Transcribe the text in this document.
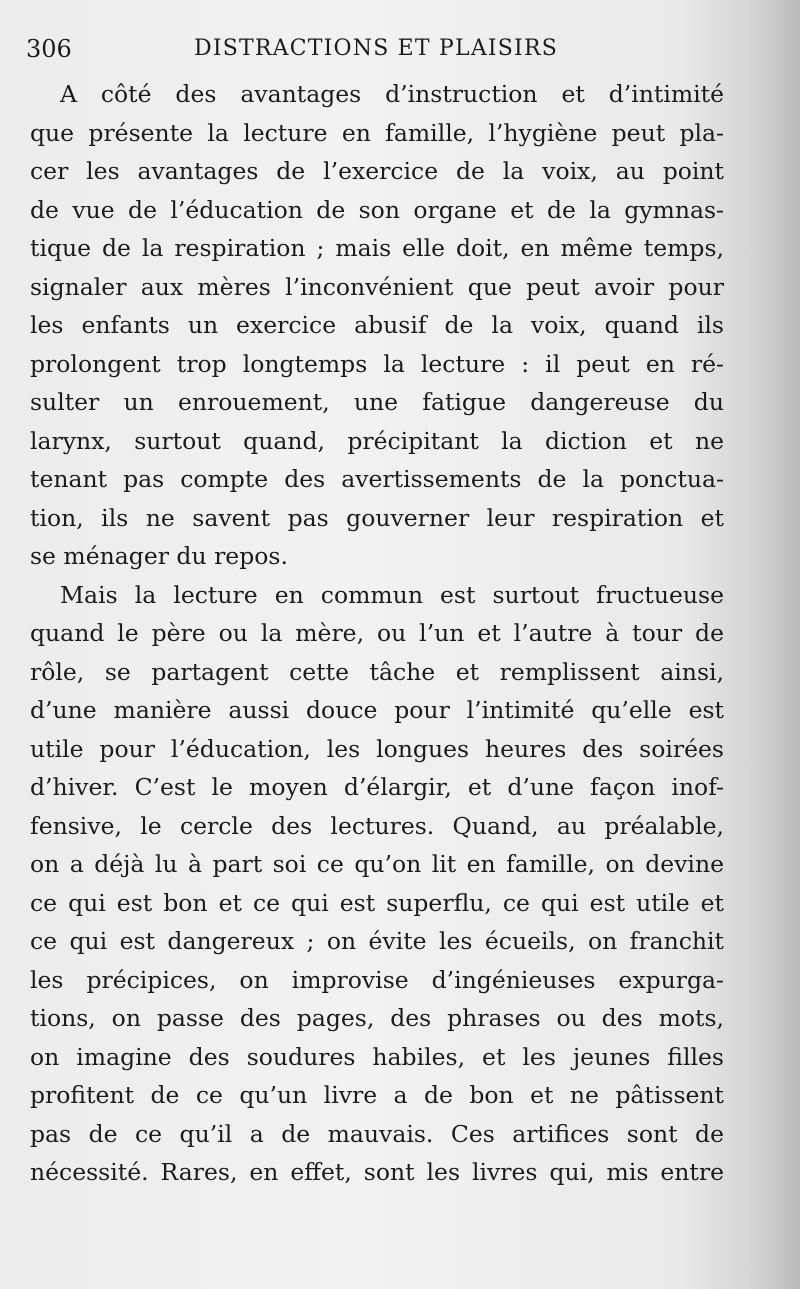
306	DISTRACTIONS ET PLAISIRS
A côté des avantages d’instruction et d’intimité
que présente la lecture en famille, l’hygiène peut pla-
cer les avantages de l’exercice de la voix, au point
de vue de l’éducation de son organe et de la gymnas-
tique de la respiration ; mais elle doit, en même temps,
signaler aux mères l’inconvénient que peut avoir pour
les enfants un exercice abusif de la voix, quand ils
prolongent trop longtemps la lecture : il peut en ré-
sulter un enrouement, une fatigue dangereuse du
larynx, surtout quand, précipitant la diction et ne
tenant pas compte des avertissements de la ponctua-
tion, ils ne savent pas gouverner leur respiration et
se ménager du repos.
Mais la lecture en commun est surtout fructueuse
quand le père ou la mère, ou l’un et l’autre à tour de
rôle, se partagent cette tâche et remplissent ainsi,
d’une manière aussi douce pour l’intimité qu’elle est
utile pour l’éducation, les longues heures des soirées
d’hiver. C’est le moyen d’élargir, et d’une façon inof-
fensive, le cercle des lectures. Quand, au préalable,
on a déjà lu à part soi ce qu’on lit en famille, on devine
ce qui est bon et ce qui est superflu, ce qui est utile et
ce qui est dangereux ; on évite les écueils, on franchit
les précipices, on improvise d’ingénieuses expurga-
tions, on passe des pages, des phrases ou des mots,
on imagine des soudures habiles, et les jeunes filles
profitent de ce qu’un livre a de bon et ne pâtissent
pas de ce qu’il a de mauvais. Ces artifices sont de
nécessité. Rares, en effet, sont les livres qui, mis entre
